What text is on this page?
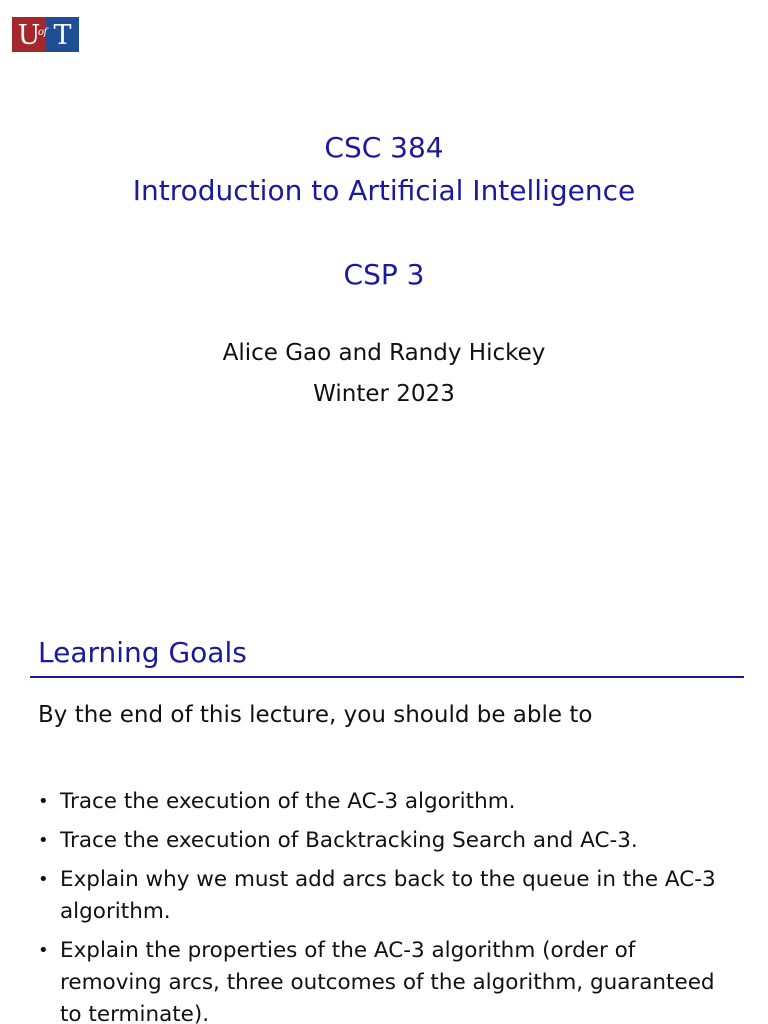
U T
of
CSC 384
Introduction to Artificial Intelligence
CSP 3
Alice Gao and Randy Hickey
Winter 2023
Learning Goals
By the end of this lecture, you should be able to
• Trace the execution of the AC-3 algorithm.
• Trace the execution of Backtracking Search and AC-3.
• Explain why we must add arcs back to the queue in the AC-3 algorithm.
• Explain the properties of the AC-3 algorithm (order of removing arcs, three outcomes of the algorithm, guaranteed to terminate).
